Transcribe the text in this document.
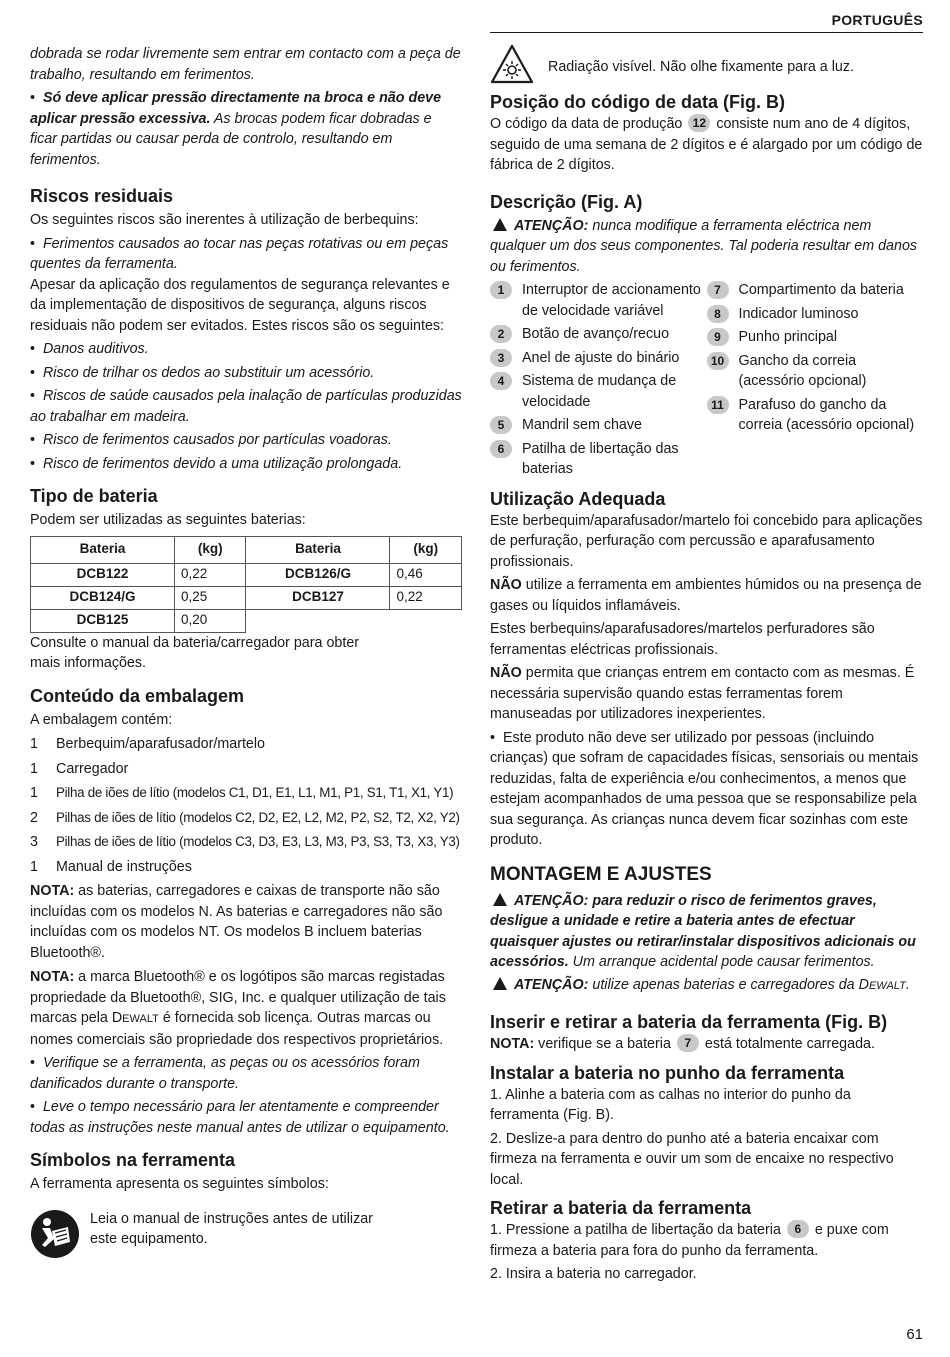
PORTUGUÊS

dobrada se rodar livremente sem entrar em contacto com a peça de trabalho, resultando em ferimentos.

•  Só deve aplicar pressão directamente na broca e não deve aplicar pressão excessiva. As brocas podem ficar dobradas e ficar partidas ou causar perda de controlo, resultando em ferimentos.

Riscos residuais

Os seguintes riscos são inerentes à utilização de berbequins:

•  Ferimentos causados ao tocar nas peças rotativas ou em peças quentes da ferramenta.

Apesar da aplicação dos regulamentos de segurança relevantes e da implementação de dispositivos de segurança, alguns riscos residuais não podem ser evitados. Estes riscos são os seguintes:

•  Danos auditivos.

•  Risco de trilhar os dedos ao substituir um acessório.

•  Riscos de saúde causados pela inalação de partículas produzidas ao trabalhar em madeira.

•  Risco de ferimentos causados por partículas voadoras.

•  Risco de ferimentos devido a uma utilização prolongada.

Tipo de bateria

Podem ser utilizadas as seguintes baterias:

Bateria	(kg)	Bateria	(kg)
DCB122	0,22	DCB126/G	0,46
DCB124/G	0,25	DCB127	0,22
DCB125	0,20		

Consulte o manual da bateria/carregador para obter mais informações.

Conteúdo da embalagem

A embalagem contém:

1	Berbequim/aparafusador/martelo
1	Carregador
1	Pilha de iões de lítio (modelos C1, D1, E1, L1, M1, P1, S1, T1, X1, Y1)
2	Pilhas de iões de lítio (modelos C2, D2, E2, L2, M2, P2, S2, T2, X2, Y2)
3	Pilhas de iões de lítio (modelos C3, D3, E3, L3, M3, P3, S3, T3, X3, Y3)
1	Manual de instruções

NOTA: as baterias, carregadores e caixas de transporte não são incluídas com os modelos N. As baterias e carregadores não são incluídas com os modelos NT. Os modelos B incluem baterias Bluetooth®.

NOTA: a marca Bluetooth® e os logótipos são marcas registadas propriedade da Bluetooth®, SIG, Inc. e qualquer utilização de tais marcas pela DEWALT é fornecida sob licença. Outras marcas ou nomes comerciais são propriedade dos respectivos proprietários.

•  Verifique se a ferramenta, as peças ou os acessórios foram danificados durante o transporte.

•  Leve o tempo necessário para ler atentamente e compreender todas as instruções neste manual antes de utilizar o equipamento.

Símbolos na ferramenta

A ferramenta apresenta os seguintes símbolos:

Leia o manual de instruções antes de utilizar este equipamento.

Radiação visível. Não olhe fixamente para a luz.

Posição do código de data (Fig. B)

O código da data de produção 12 consiste num ano de 4 dígitos, seguido de uma semana de 2 dígitos e é alargado por um código de fábrica de 2 dígitos.

Descrição (Fig. A)

ATENÇÃO: nunca modifique a ferramenta eléctrica nem qualquer um dos seus componentes. Tal poderia resultar em danos ou ferimentos.

1	Interruptor de accionamento de velocidade variável
2	Botão de avanço/recuo
3	Anel de ajuste do binário
4	Sistema de mudança de velocidade
5	Mandril sem chave
6	Patilha de libertação das baterias
7	Compartimento da bateria
8	Indicador luminoso
9	Punho principal
10	Gancho da correia (acessório opcional)
11	Parafuso do gancho da correia (acessório opcional)
Utilização Adequada

Este berbequim/aparafusador/martelo foi concebido para aplicações de perfuração, perfuração com percussão e aparafusamento profissionais.

NÃO utilize a ferramenta em ambientes húmidos ou na presença de gases ou líquidos inflamáveis.

Estes berbequins/aparafusadores/martelos perfuradores são ferramentas eléctricas profissionais.

NÃO permita que crianças entrem em contacto com as mesmas. É necessária supervisão quando estas ferramentas forem manuseadas por utilizadores inexperientes.

•  Este produto não deve ser utilizado por pessoas (incluindo crianças) que sofram de capacidades físicas, sensoriais ou mentais reduzidas, falta de experiência e/ou conhecimentos, a menos que estejam acompanhados de uma pessoa que se responsabilize pela sua segurança. As crianças nunca devem ficar sozinhas com este produto.

MONTAGEM E AJUSTES

ATENÇÃO: para reduzir o risco de ferimentos graves, desligue a unidade e retire a bateria antes de efectuar quaisquer ajustes ou retirar/instalar dispositivos adicionais ou acessórios. Um arranque acidental pode causar ferimentos.

ATENÇÃO: utilize apenas baterias e carregadores da DEWALT.

Inserir e retirar a bateria da ferramenta (Fig. B)

NOTA: verifique se a bateria 7 está totalmente carregada.

Instalar a bateria no punho da ferramenta

1. Alinhe a bateria com as calhas no interior do punho da ferramenta (Fig. B).

2. Deslize-a para dentro do punho até a bateria encaixar com firmeza na ferramenta e ouvir um som de encaixe no respectivo local.

Retirar a bateria da ferramenta

1. Pressione a patilha de libertação da bateria 6 e puxe com firmeza a bateria para fora do punho da ferramenta.

2. Insira a bateria no carregador.

61
